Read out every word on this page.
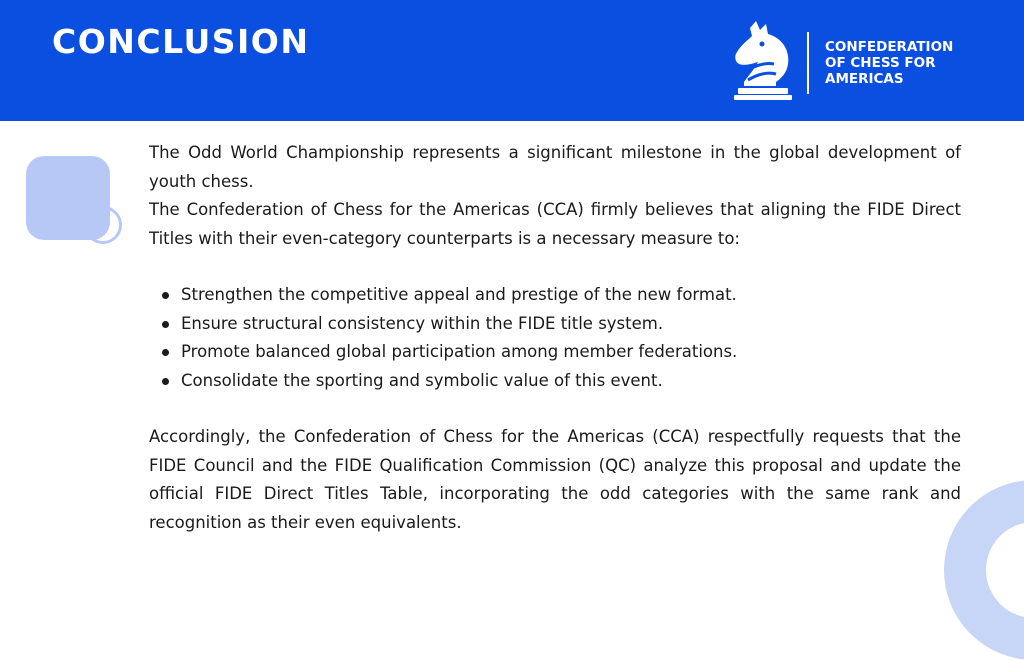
CONCLUSION	CONFEDERATION
OF CHESS FOR
AMERICAS

The Odd World Championship represents a significant milestone in the global development of youth chess.

The Confederation of Chess for the Americas (CCA) firmly believes that aligning the FIDE Direct Titles with their even-category counterparts is a necessary measure to:

Strengthen the competitive appeal and prestige of the new format.
Ensure structural consistency within the FIDE title system.
Promote balanced global participation among member federations.
Consolidate the sporting and symbolic value of this event.

Accordingly, the Confederation of Chess for the Americas (CCA) respectfully requests that the FIDE Council and the FIDE Qualification Commission (QC) analyze this proposal and update the official FIDE Direct Titles Table, incorporating the odd categories with the same rank and recognition as their even equivalents.
